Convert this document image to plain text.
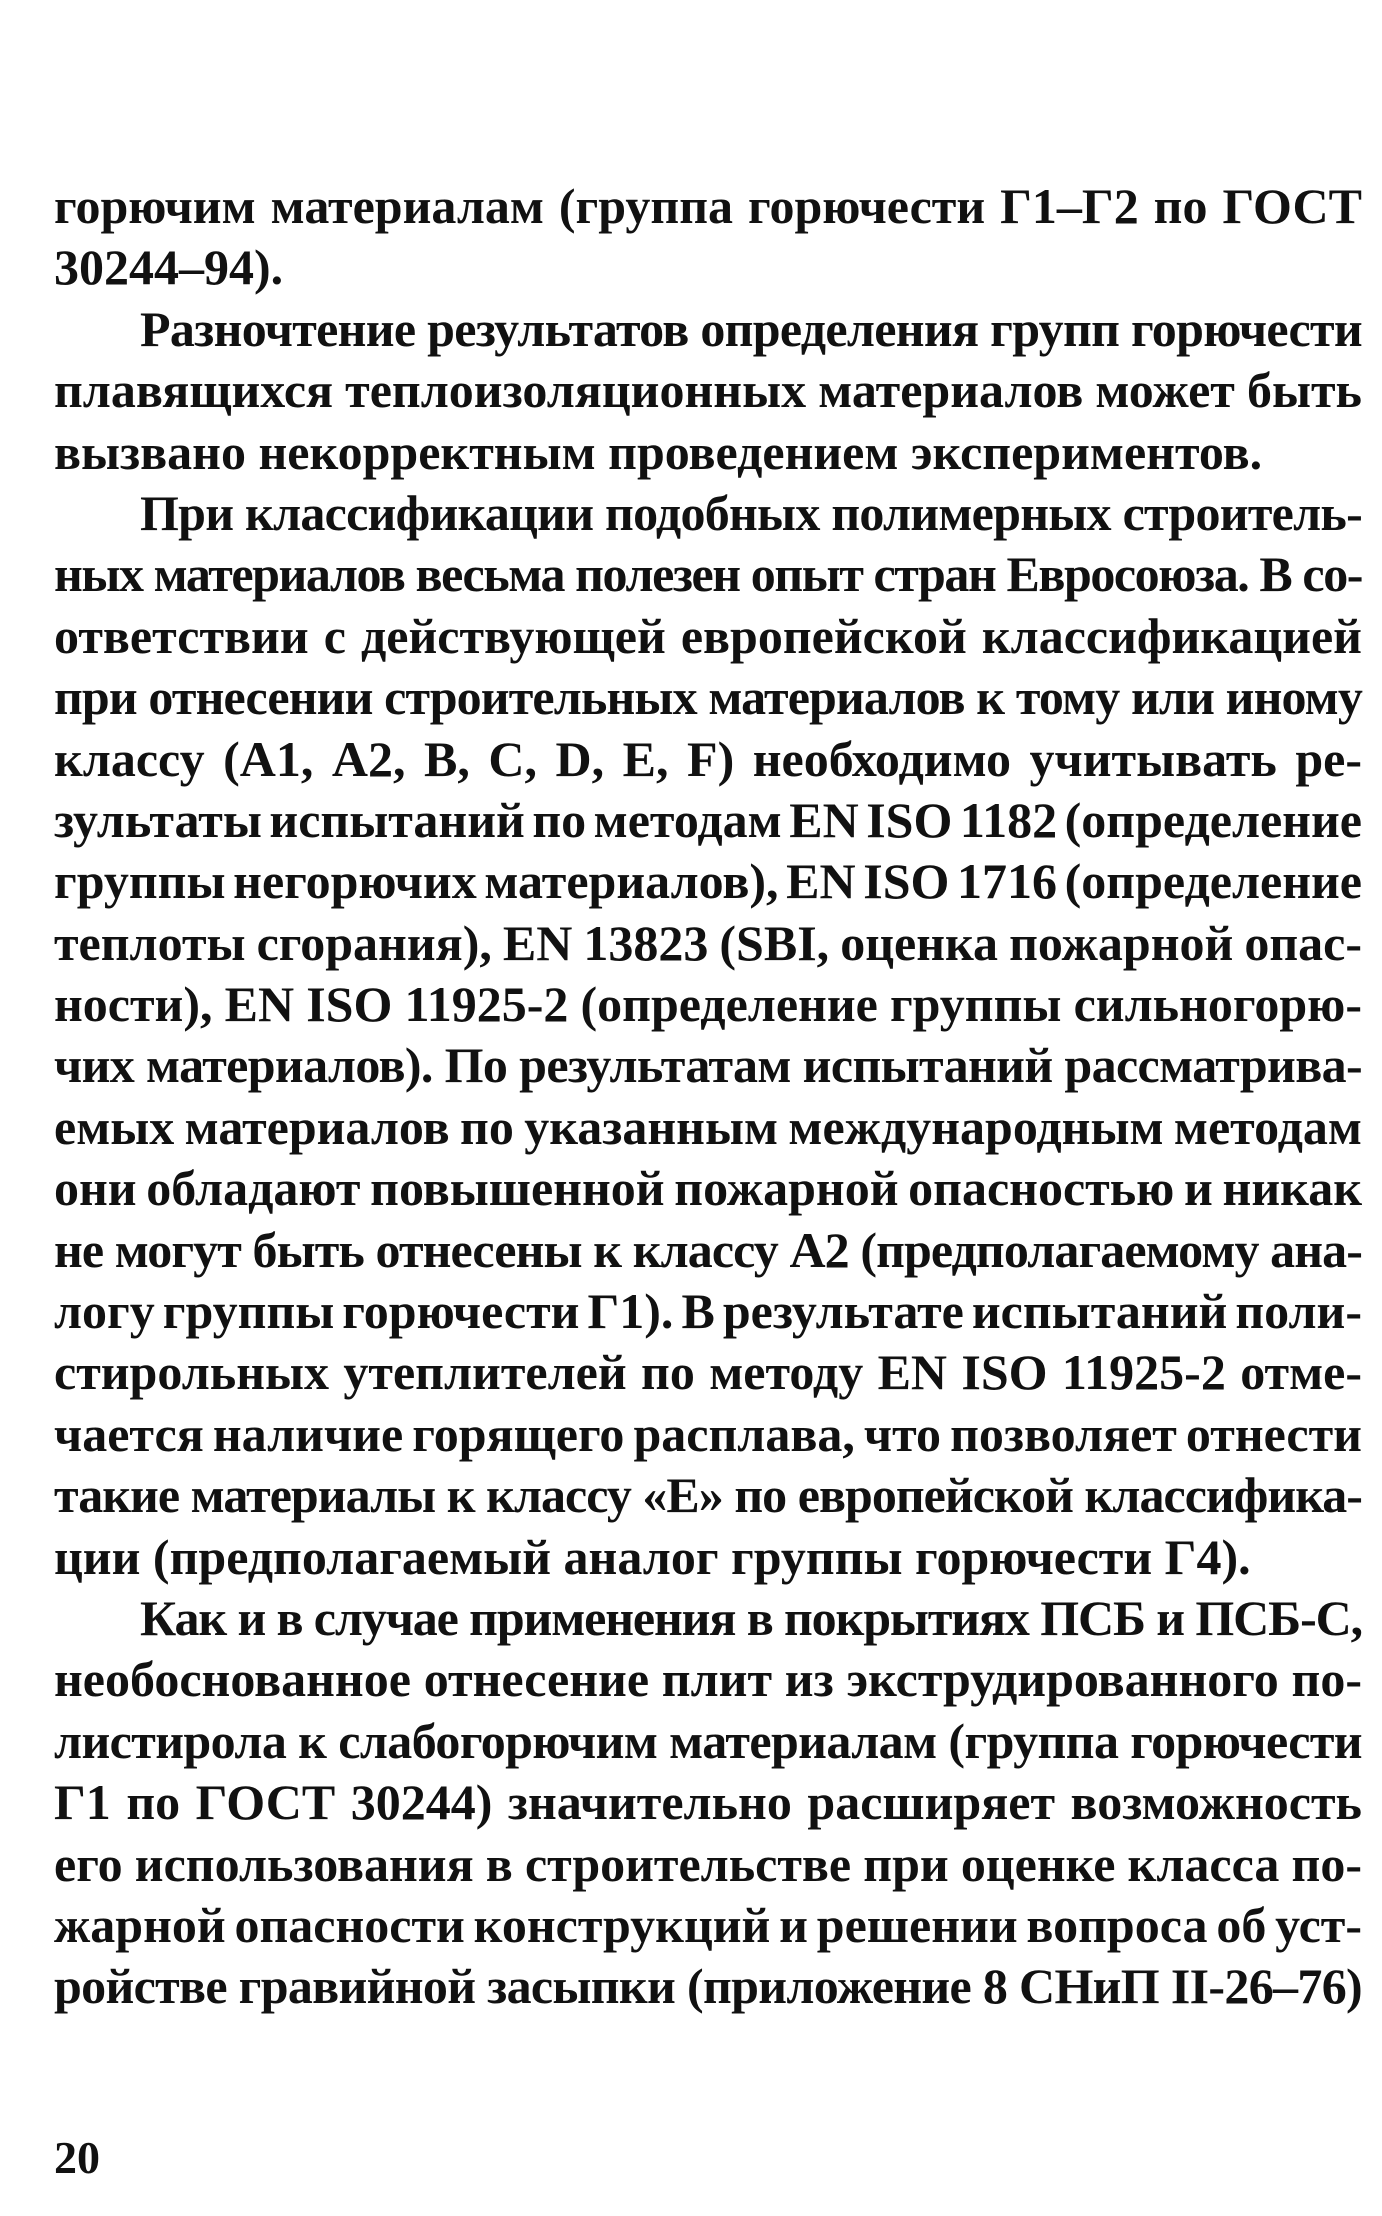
горючим материалам (группа горючести Г1–Г2 по ГОСТ
30244–94).
Разночтение результатов определения групп горючести
плавящихся теплоизоляционных материалов может быть
вызвано некорректным проведением экспериментов.
При классификации подобных полимерных строитель-
ных материалов весьма полезен опыт стран Евросоюза. В со-
ответствии с действующей европейской классификацией
при отнесении строительных материалов к тому или иному
классу (А1, А2, В, С, D, Е, F) необходимо учитывать ре-
зультаты испытаний по методам EN ISO 1182 (определение
группы негорючих материалов), EN ISO 1716 (определение
теплоты сгорания), EN 13823 (SBI, оценка пожарной опас-
ности), EN ISO 11925-2 (определение группы сильногорю-
чих материалов). По результатам испытаний рассматрива-
емых материалов по указанным международным методам
они обладают повышенной пожарной опасностью и никак
не могут быть отнесены к классу А2 (предполагаемому ана-
логу группы горючести Г1). В результате испытаний поли-
стирольных утеплителей по методу EN ISO 11925-2 отме-
чается наличие горящего расплава, что позволяет отнести
такие материалы к классу «Е» по европейской классифика-
ции (предполагаемый аналог группы горючести Г4).
Как и в случае применения в покрытиях ПСБ и ПСБ-С,
необоснованное отнесение плит из экструдированного по-
листирола к слабогорючим материалам (группа горючести
Г1 по ГОСТ 30244) значительно расширяет возможность
его использования в строительстве при оценке класса по-
жарной опасности конструкций и решении вопроса об уст-
ройстве гравийной засыпки (приложение 8 СНиП II-26–76)
20
